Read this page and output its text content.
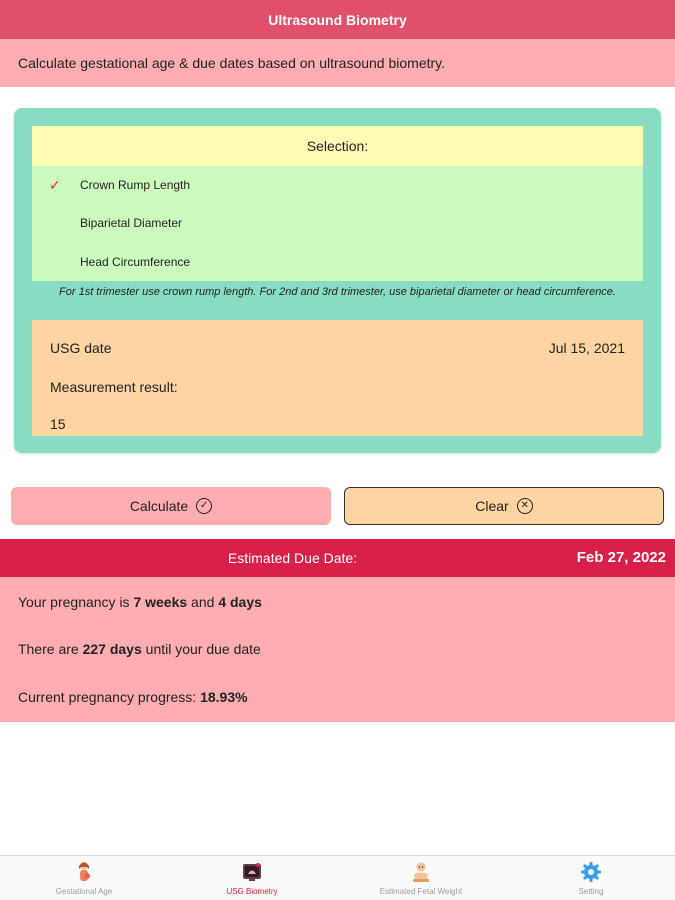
Ultrasound Biometry
Calculate gestational age & due dates based on ultrasound biometry.
Selection:
✓ Crown Rump Length
Biparietal Diameter
Head Circumference
For 1st trimester use crown rump length. For 2nd and 3rd trimester, use biparietal diameter or head circumference.
USG date	Jul 15, 2021
Measurement result:
15
Calculate	✓	Clear	✕
Estimated Due Date:	Feb 27, 2022
Your pregnancy is 7 weeks and 4 days
There are 227 days until your due date
Current pregnancy progress: 18.93%
Gestational Age	USG Biometry	Estimated Fetal Weight	Setting
